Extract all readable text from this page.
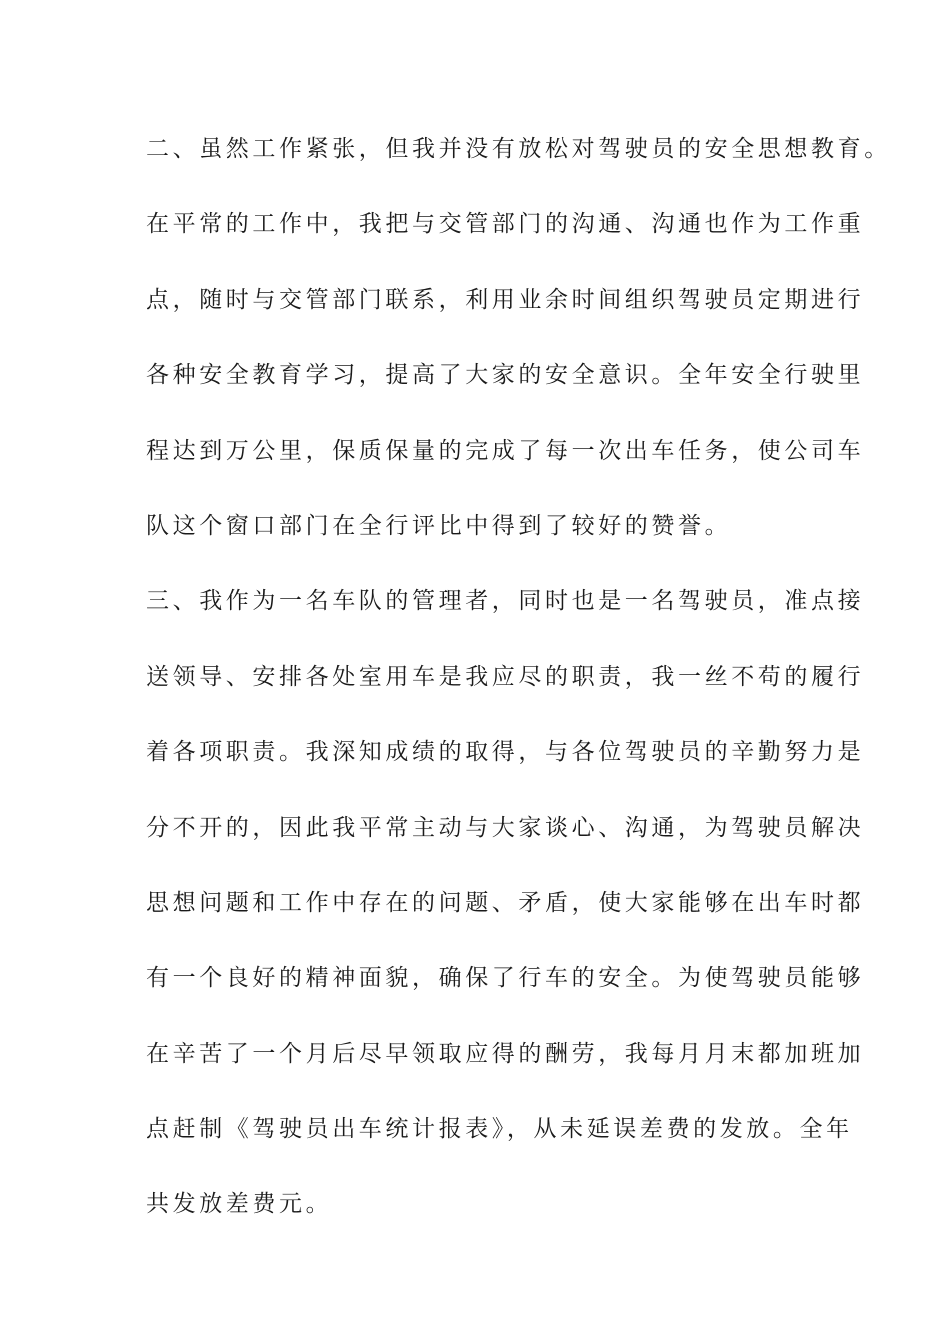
二、虽然工作紧张，但我并没有放松对驾驶员的安全思想教育。
在平常的工作中，我把与交管部门的沟通、沟通也作为工作重
点，随时与交管部门联系，利用业余时间组织驾驶员定期进行
各种安全教育学习，提高了大家的安全意识。全年安全行驶里
程达到万公里，保质保量的完成了每一次出车任务，使公司车
队这个窗口部门在全行评比中得到了较好的赞誉。
三、我作为一名车队的管理者，同时也是一名驾驶员，准点接
送领导、安排各处室用车是我应尽的职责，我一丝不苟的履行
着各项职责。我深知成绩的取得，与各位驾驶员的辛勤努力是
分不开的，因此我平常主动与大家谈心、沟通，为驾驶员解决
思想问题和工作中存在的问题、矛盾，使大家能够在出车时都
有一个良好的精神面貌，确保了行车的安全。为使驾驶员能够
在辛苦了一个月后尽早领取应得的酬劳，我每月月末都加班加
点赶制《驾驶员出车统计报表》，从未延误差费的发放。全年
共发放差费元。
